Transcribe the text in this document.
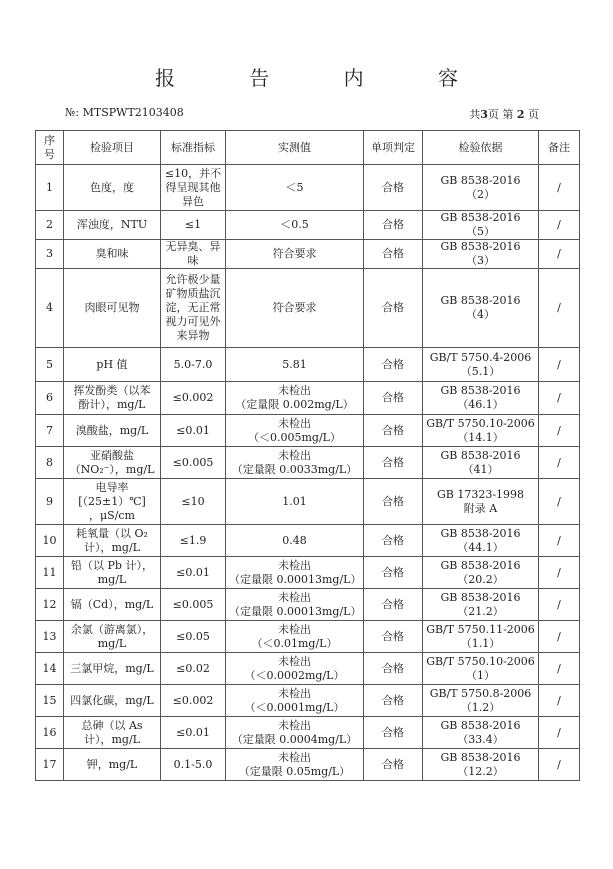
报 告 内 容
№: MTSPWT2103408	共3页 第 2 页
序
号	检验项目	标准指标	实测值	单项判定	检验依据	备注
1	色度，度	≤10，并不
得呈现其他
异色	＜5	合格	GB 8538-2016
（2）	/
2	浑浊度，NTU	≤1	＜0.5	合格	GB 8538-2016
（5）	/
3	臭和味	无异臭、异
味	符合要求	合格	GB 8538-2016
（3）	/
4	肉眼可见物	允许极少量
矿物质盐沉
淀，无正常
视力可见外
来异物	符合要求	合格	GB 8538-2016
（4）	/
5	pH 值	5.0-7.0	5.81	合格	GB/T 5750.4-2006
（5.1）	/
6	挥发酚类（以苯
酚计），mg/L	≤0.002	未检出
（定量限 0.002mg/L）	合格	GB 8538-2016
（46.1）	/
7	溴酸盐，mg/L	≤0.01	未检出
（＜0.005mg/L）	合格	GB/T 5750.10-2006
（14.1）	/
8	亚硝酸盐
（NO₂⁻），mg/L	≤0.005	未检出
（定量限 0.0033mg/L）	合格	GB 8538-2016
（41）	/
9	电导率
[（25±1）℃]
，μS/cm	≤10	1.01	合格	GB 17323-1998
附录 A	/
10	耗氧量（以 O₂
计），mg/L	≤1.9	0.48	合格	GB 8538-2016
（44.1）	/
11	铅（以 Pb 计），
mg/L	≤0.01	未检出
（定量限 0.00013mg/L）	合格	GB 8538-2016
（20.2）	/
12	镉（Cd），mg/L	≤0.005	未检出
（定量限 0.00013mg/L）	合格	GB 8538-2016
（21.2）	/
13	余氯（游离氯），
mg/L	≤0.05	未检出
（＜0.01mg/L）	合格	GB/T 5750.11-2006
（1.1）	/
14	三氯甲烷，mg/L	≤0.02	未检出
（＜0.0002mg/L）	合格	GB/T 5750.10-2006
（1）	/
15	四氯化碳，mg/L	≤0.002	未检出
（＜0.0001mg/L）	合格	GB/T 5750.8-2006
（1.2）	/
16	总砷（以 As
计），mg/L	≤0.01	未检出
（定量限 0.0004mg/L）	合格	GB 8538-2016
（33.4）	/
17	钾，mg/L	0.1-5.0	未检出
（定量限 0.05mg/L）	合格	GB 8538-2016
（12.2）	/
